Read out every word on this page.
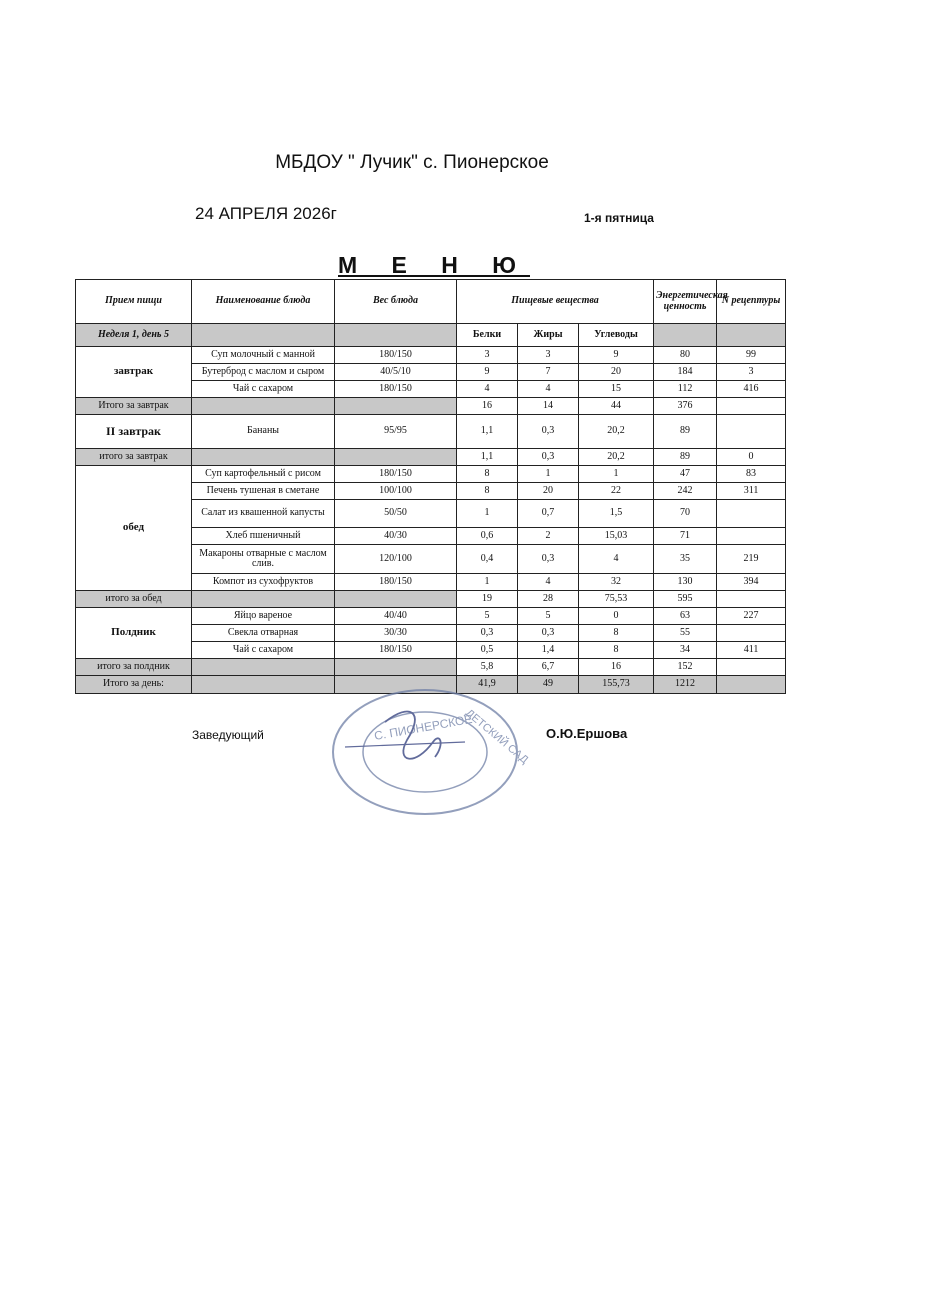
МБДОУ " Лучик" с. Пионерское
24 АПРЕЛЯ 2026г	1-я пятница
М Е Н Ю
Прием пищи	Наименование блюда	Вес блюда	Пищевые вещества			Энергетическая ценность	N рецептуры
Неделя 1, день 5			Белки	Жиры	Углеводы		
завтрак	Суп молочный с манной	180/150	3	3	9	80	99
	Бутерброд с маслом и сыром	40/5/10	9	7	20	184	3
	Чай с сахаром	180/150	4	4	15	112	416
Итого за завтрак			16	14	44	376	
II завтрак	Бананы	95/95	1,1	0,3	20,2	89	
итого за завтрак			1,1	0,3	20,2	89	0
обед	Суп картофельный с рисом	180/150	8	1	1	47	83
	Печень тушеная в сметане	100/100	8	20	22	242	311
	Салат из квашенной капусты	50/50	1	0,7	1,5	70	
	Хлеб пшеничный	40/30	0,6	2	15,03	71	
	Макароны отварные с маслом слив.	120/100	0,4	0,3	4	35	219
	Компот из сухофруктов	180/150	1	4	32	130	394
итого за обед			19	28	75,53	595	
Полдник	Яйцо вареное	40/40	5	5	0	63	227
	Свекла отварная	30/30	0,3	0,3	8	55	
	Чай с сахаром	180/150	0,5	1,4	8	34	411
итого за полдник			5,8	6,7	16	152	
Итого за день:			41,9	49	155,73	1212	
Заведующий	ДЕТСКИЙ САД
С. ПИОНЕРСКОЕ	О.Ю.Ершова
